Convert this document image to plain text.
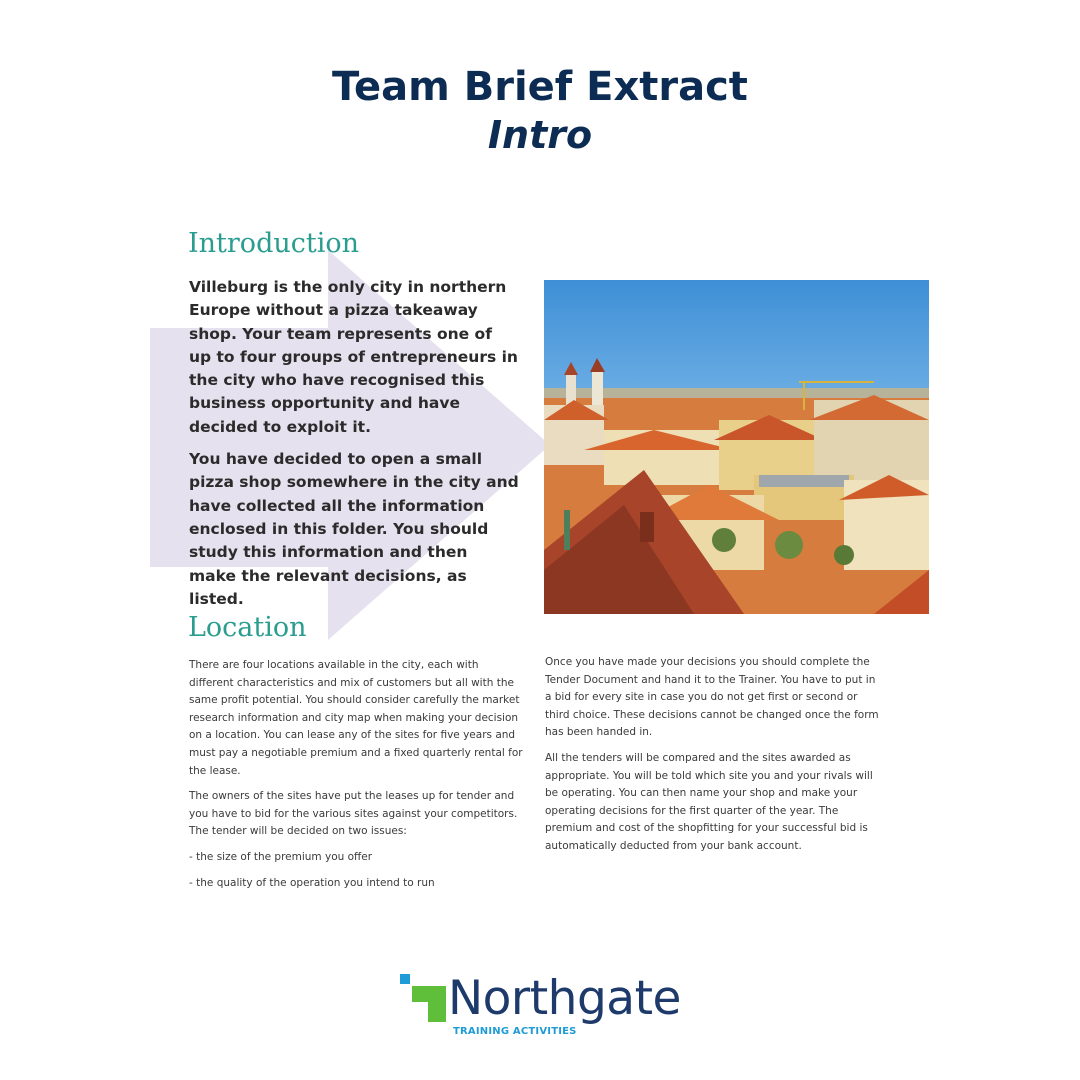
Team Brief Extract
Intro
Introduction

Villeburg is the only city in northern Europe without a pizza takeaway shop. Your team represents one of up to four groups of entrepreneurs in the city who have recognised this business opportunity and have decided to exploit it.

You have decided to open a small pizza shop somewhere in the city and have collected all the information enclosed in this folder. You should study this information and then make the relevant decisions, as listed.

Location

There are four locations available in the city, each with different characteristics and mix of customers but all with the same profit potential. You should consider carefully the market research information and city map when making your decision on a location. You can lease any of the sites for five years and must pay a negotiable premium and a fixed quarterly rental for the lease.

The owners of the sites have put the leases up for tender and you have to bid for the various sites against your competitors. The tender will be decided on two issues:

- the size of the premium you offer

- the quality of the operation you intend to run

Once you have made your decisions you should complete the Tender Document and hand it to the Trainer. You have to put in a bid for every site in case you do not get first or second or third choice. These decisions cannot be changed once the form has been handed in.

All the tenders will be compared and the sites awarded as appropriate. You will be told which site you and your rivals will be operating. You can then name your shop and make your operating decisions for the first quarter of the year. The premium and cost of the shopfitting for your successful bid is automatically deducted from your bank account.

Northgate
TRAINING ACTIVITIES
